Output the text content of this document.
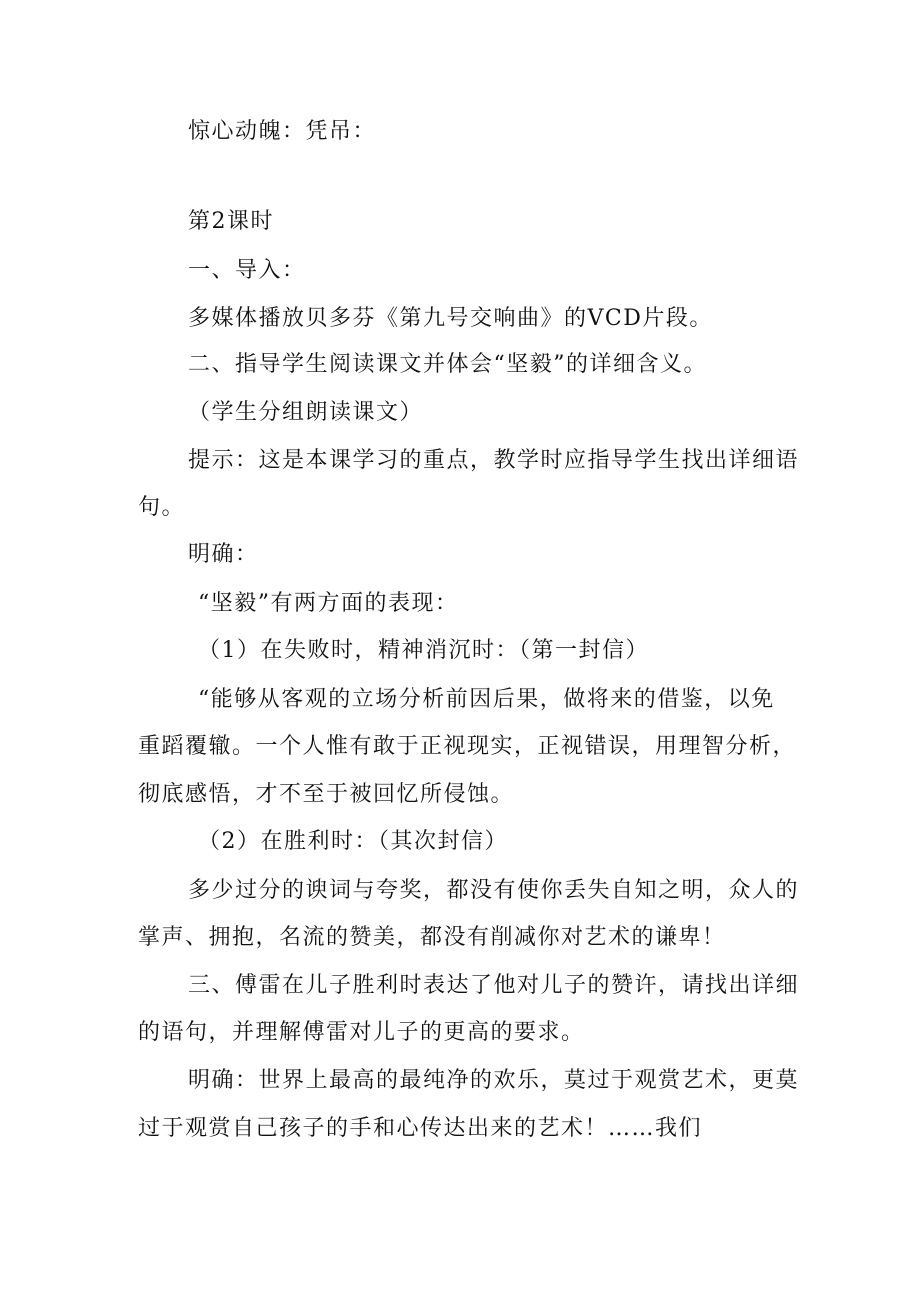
惊心动魄：凭吊：
第2课时
一、导入：
多媒体播放贝多芬《第九号交响曲》的VCD片段。
二、指导学生阅读课文并体会“坚毅”的详细含义。
（学生分组朗读课文）
提示：这是本课学习的重点，教学时应指导学生找出详细语
句。
明确：
“坚毅”有两方面的表现：
（1）在失败时，精神消沉时：（第一封信）
“能够从客观的立场分析前因后果，做将来的借鉴，以免
重蹈覆辙。一个人惟有敢于正视现实，正视错误，用理智分析，
彻底感悟，才不至于被回忆所侵蚀。
（2）在胜利时：（其次封信）
多少过分的谀词与夸奖，都没有使你丢失自知之明，众人的
掌声、拥抱，名流的赞美，都没有削减你对艺术的谦卑！
三、傅雷在儿子胜利时表达了他对儿子的赞许，请找出详细
的语句，并理解傅雷对儿子的更高的要求。
明确：世界上最高的最纯净的欢乐，莫过于观赏艺术，更莫
过于观赏自己孩子的手和心传达出来的艺术！……我们
